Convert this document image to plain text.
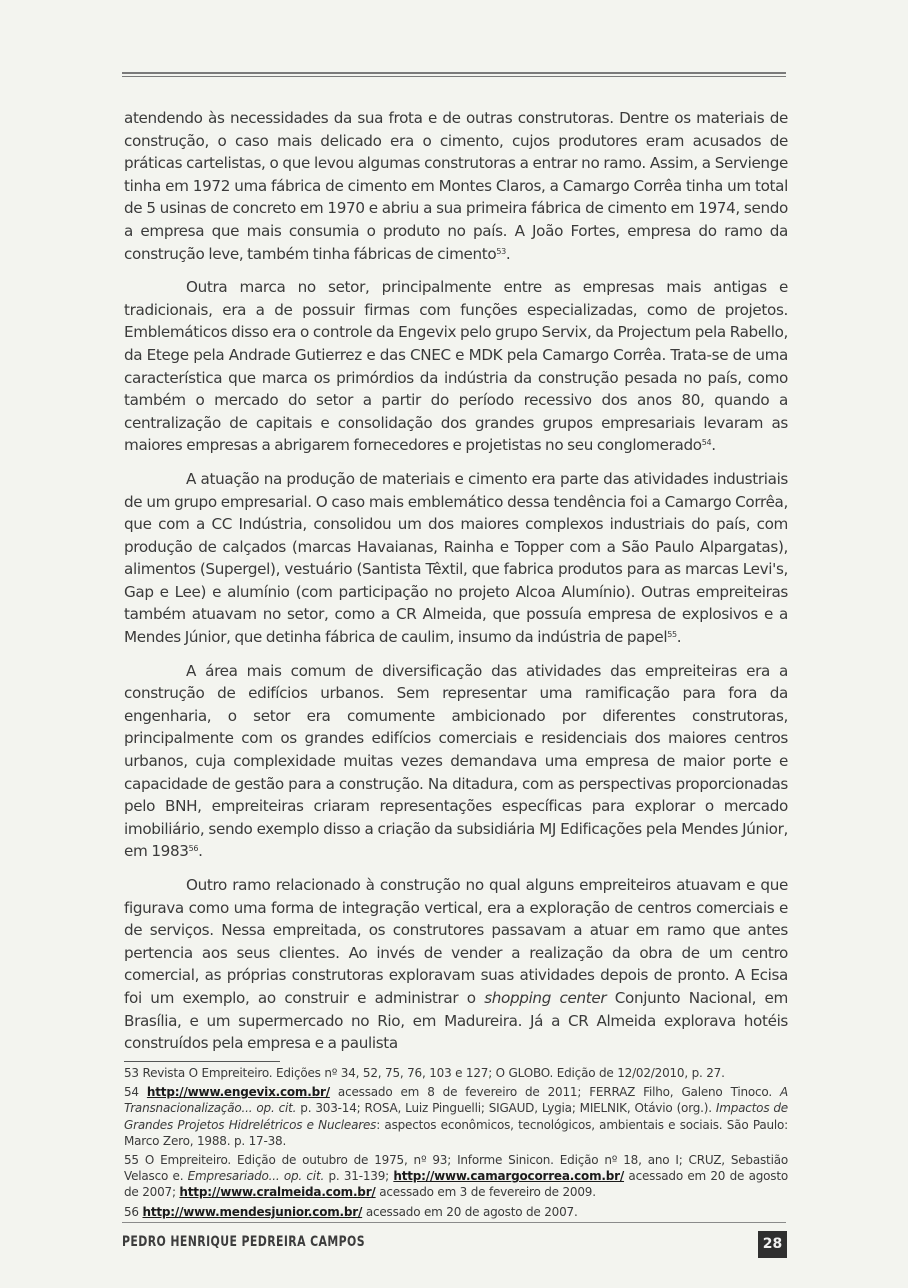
atendendo às necessidades da sua frota e de outras construtoras. Dentre os materiais de construção, o caso mais delicado era o cimento, cujos produtores eram acusados de práticas cartelistas, o que levou algumas construtoras a entrar no ramo. Assim, a Servienge tinha em 1972 uma fábrica de cimento em Montes Claros, a Camargo Corrêa tinha um total de 5 usinas de concreto em 1970 e abriu a sua primeira fábrica de cimento em 1974, sendo a empresa que mais consumia o produto no país. A João Fortes, empresa do ramo da construção leve, também tinha fábricas de cimento$^{53}$.

Outra marca no setor, principalmente entre as empresas mais antigas e tradicionais, era a de possuir firmas com funções especializadas, como de projetos. Emblemáticos disso era o controle da Engevix pelo grupo Servix, da Projectum pela Rabello, da Etege pela Andrade Gutierrez e das CNEC e MDK pela Camargo Corrêa. Trata-se de uma característica que marca os primórdios da indústria da construção pesada no país, como também o mercado do setor a partir do período recessivo dos anos 80, quando a centralização de capitais e consolidação dos grandes grupos empresariais levaram as maiores empresas a abrigarem fornecedores e projetistas no seu conglomerado$^{54}$.

A atuação na produção de materiais e cimento era parte das atividades industriais de um grupo empresarial. O caso mais emblemático dessa tendência foi a Camargo Corrêa, que com a CC Indústria, consolidou um dos maiores complexos industriais do país, com produção de calçados (marcas Havaianas, Rainha e Topper com a São Paulo Alpargatas), alimentos (Supergel), vestuário (Santista Têxtil, que fabrica produtos para as marcas Levi's, Gap e Lee) e alumínio (com participação no projeto Alcoa Alumínio). Outras empreiteiras também atuavam no setor, como a CR Almeida, que possuía empresa de explosivos e a Mendes Júnior, que detinha fábrica de caulim, insumo da indústria de papel$^{55}$.

A área mais comum de diversificação das atividades das empreiteiras era a construção de edifícios urbanos. Sem representar uma ramificação para fora da engenharia, o setor era comumente ambicionado por diferentes construtoras, principalmente com os grandes edifícios comerciais e residenciais dos maiores centros urbanos, cuja complexidade muitas vezes demandava uma empresa de maior porte e capacidade de gestão para a construção. Na ditadura, com as perspectivas proporcionadas pelo BNH, empreiteiras criaram representações específicas para explorar o mercado imobiliário, sendo exemplo disso a criação da subsidiária MJ Edificações pela Mendes Júnior, em 1983$^{56}$.

Outro ramo relacionado à construção no qual alguns empreiteiros atuavam e que figurava como uma forma de integração vertical, era a exploração de centros comerciais e de serviços. Nessa empreitada, os construtores passavam a atuar em ramo que antes pertencia aos seus clientes. Ao invés de vender a realização da obra de um centro comercial, as próprias construtoras exploravam suas atividades depois de pronto. A Ecisa foi um exemplo, ao construir e administrar o shopping center Conjunto Nacional, em Brasília, e um supermercado no Rio, em Madureira. Já a CR Almeida explorava hotéis construídos pela empresa e a paulista

53 Revista O Empreiteiro. Edições nº 34, 52, 75, 76, 103 e 127; O GLOBO. Edição de 12/02/2010, p. 27.
54 http://www.engevix.com.br/ acessado em 8 de fevereiro de 2011; FERRAZ Filho, Galeno Tinoco. A Transnacionalização... op. cit. p. 303-14; ROSA, Luiz Pinguelli; SIGAUD, Lygia; MIELNIK, Otávio (org.). Impactos de Grandes Projetos Hidrelétricos e Nucleares: aspectos econômicos, tecnológicos, ambientais e sociais. São Paulo: Marco Zero, 1988. p. 17-38.
55 O Empreiteiro. Edição de outubro de 1975, nº 93; Informe Sinicon. Edição nº 18, ano I; CRUZ, Sebastião Velasco e. Empresariado... op. cit. p. 31-139; http://www.camargocorrea.com.br/ acessado em 20 de agosto de 2007; http://www.cralmeida.com.br/ acessado em 3 de fevereiro de 2009.
56 http://www.mendesjunior.com.br/ acessado em 20 de agosto de 2007.
PEDRO HENRIQUE PEDREIRA CAMPOS	28
